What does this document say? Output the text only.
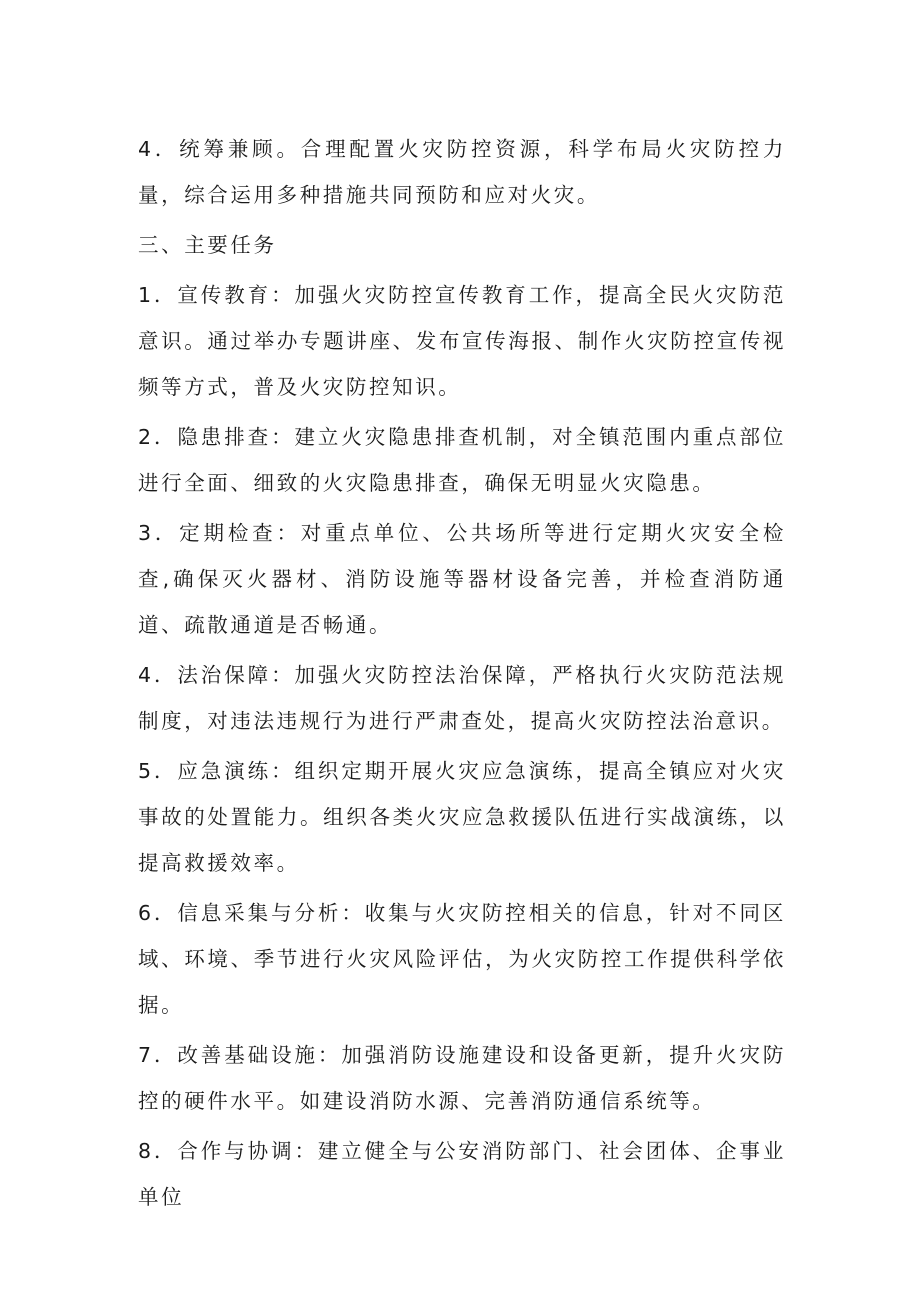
4．统筹兼顾。合理配置火灾防控资源，科学布局火灾防控力量，综合运用多种措施共同预防和应对火灾。

三、主要任务

1．宣传教育：加强火灾防控宣传教育工作，提高全民火灾防范意识。通过举办专题讲座、发布宣传海报、制作火灾防控宣传视频等方式，普及火灾防控知识。

2．隐患排查：建立火灾隐患排查机制，对全镇范围内重点部位进行全面、细致的火灾隐患排查，确保无明显火灾隐患。

3．定期检查：对重点单位、公共场所等进行定期火灾安全检查,确保灭火器材、消防设施等器材设备完善，并检查消防通道、疏散通道是否畅通。

4．法治保障：加强火灾防控法治保障，严格执行火灾防范法规制度，对违法违规行为进行严肃查处，提高火灾防控法治意识。

5．应急演练：组织定期开展火灾应急演练，提高全镇应对火灾事故的处置能力。组织各类火灾应急救援队伍进行实战演练，以提高救援效率。

6．信息采集与分析：收集与火灾防控相关的信息，针对不同区域、环境、季节进行火灾风险评估，为火灾防控工作提供科学依据。

7．改善基础设施：加强消防设施建设和设备更新，提升火灾防控的硬件水平。如建设消防水源、完善消防通信系统等。

8．合作与协调：建立健全与公安消防部门、社会团体、企事业单位
